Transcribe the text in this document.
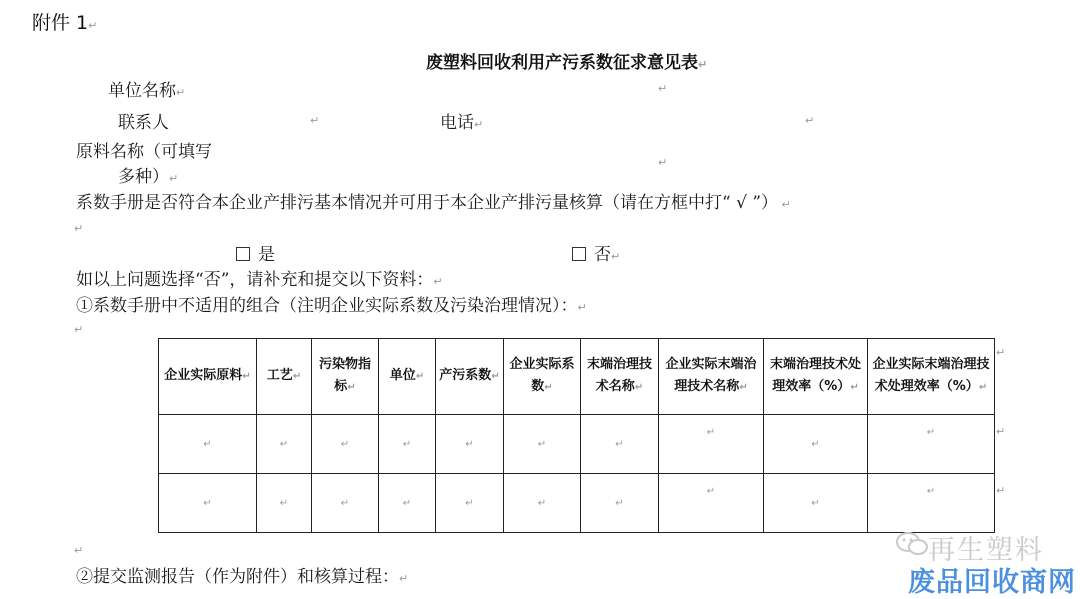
附件 1↵
废塑料回收利用产污系数征求意见表↵
单位名称↵	↵
联系人	↵	电话↵	↵
原料名称（可填写
多种）↵
↵
系数手册是否符合本企业产排污基本情况并可用于本企业产排污量核算（请在方框中打“ √ ”） ↵
↵
是	否↵
如以上问题选择“否”，请补充和提交以下资料：↵
①系数手册中不适用的组合（注明企业实际系数及污染治理情况）：↵
↵
企业实际原料↵	工艺↵	污染物指标↵	单位↵	产污系数↵	企业实际系数↵	末端治理技术名称↵	企业实际末端治理技术名称↵	末端治理技术处理效率（%）↵	企业实际末端治理技术处理效率（%）↵
↵	↵	↵	↵	↵	↵	↵	↵	↵	↵
↵	↵	↵	↵	↵	↵	↵	↵	↵	↵
↵
↵
↵
↵
②提交监测报告（作为附件）和核算过程：↵
再生塑料
废品回收商网
